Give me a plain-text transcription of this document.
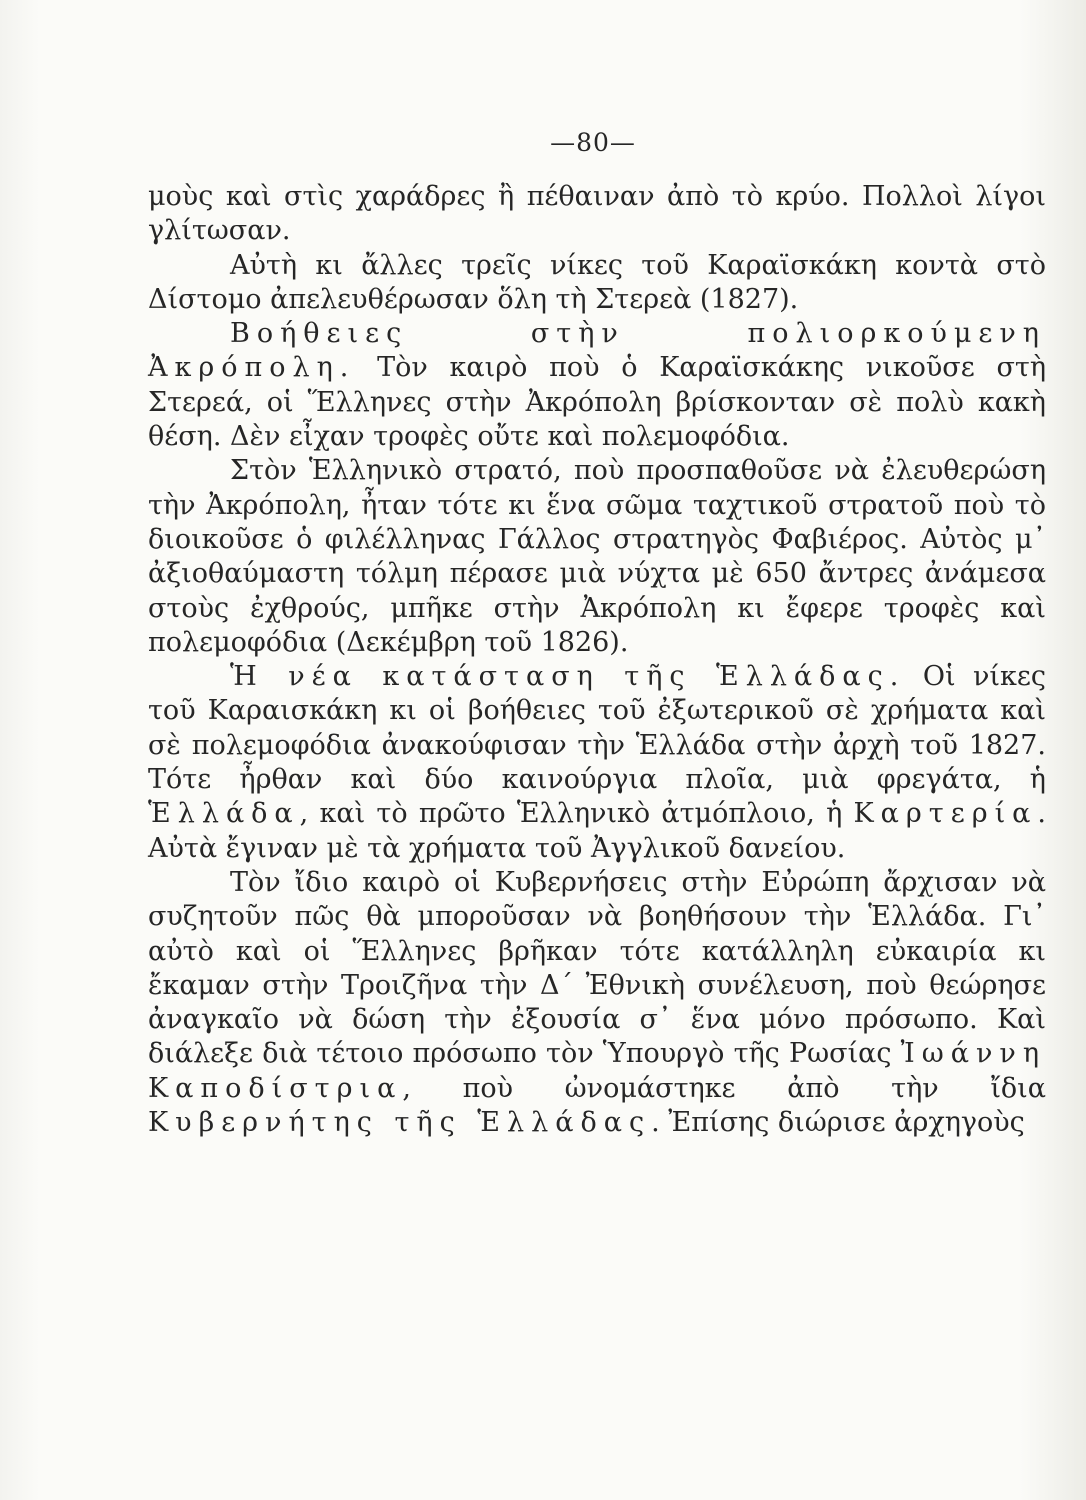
—80—

μοὺς καὶ στὶς χαράδρες ἢ πέθαιναν ἀπὸ τὸ κρύο. Πολλοὶ λίγοι γλίτωσαν.

Αὐτὴ κι ἄλλες τρεῖς νίκες τοῦ Καραϊσκάκη κοντὰ στὸ Δίστομο ἀπελευθέρωσαν ὅλη τὴ Στερεὰ (1827).

Βοήθειες στὴν πολιορκούμενη Ἀκρόπολη. Τὸν καιρὸ ποὺ ὁ Καραϊσκάκης νικοῦσε στὴ Στερεά, οἱ Ἕλληνες στὴν Ἀκρόπολη βρίσκονταν σὲ πολὺ κακὴ θέση. Δὲν εἶχαν τροφὲς οὔτε καὶ πολεμοφόδια.

Στὸν Ἑλληνικὸ στρατό, ποὺ προσπαθοῦσε νὰ ἐλευθερώση τὴν Ἀκρόπολη, ἦταν τότε κι ἕνα σῶμα ταχτικοῦ στρατοῦ ποὺ τὸ διοικοῦσε ὁ φιλέλληνας Γάλλος στρατηγὸς Φαβιέρος. Αὐτὸς μ᾽ ἀξιοθαύμαστη τόλμη πέρασε μιὰ νύχτα μὲ 650 ἄντρες ἀνάμεσα στοὺς ἐχθρούς, μπῆκε στὴν Ἀκρόπολη κι ἔφερε τροφὲς καὶ πολεμοφόδια (Δεκέμβρη τοῦ 1826).

Ἡ νέα κατάσταση τῆς Ἑλλάδας. Οἱ νίκες τοῦ Καραισκάκη κι οἱ βοήθειες τοῦ ἐξωτερικοῦ σὲ χρήματα καὶ σὲ πολεμοφόδια ἀνακούφισαν τὴν Ἑλλάδα στὴν ἀρχὴ τοῦ 1827. Τότε ἦρθαν καὶ δύο καινούργια πλοῖα, μιὰ φρεγάτα, ἡ Ἑλλάδα, καὶ τὸ πρῶτο Ἑλληνικὸ ἀτμόπλοιο, ἡ Καρτερία. Αὐτὰ ἔγιναν μὲ τὰ χρήματα τοῦ Ἀγγλικοῦ δανείου.

Τὸν ἴδιο καιρὸ οἱ Κυβερνήσεις στὴν Εὐρώπη ἄρχισαν νὰ συζητοῦν πῶς θὰ μποροῦσαν νὰ βοηθήσουν τὴν Ἑλλάδα. Γι᾽ αὐτὸ καὶ οἱ Ἕλληνες βρῆκαν τότε κατάλληλη εὐκαιρία κι ἔκαμαν στὴν Τροιζῆνα τὴν Δ΄ Ἐθνικὴ συνέλευση, ποὺ θεώρησε ἀναγκαῖο νὰ δώση τὴν ἐξουσία σ᾽ ἕνα μόνο πρόσωπο. Καὶ διάλεξε διὰ τέτοιο πρόσωπο τὸν Ὑπουργὸ τῆς Ρωσίας Ἰωάννη Καποδίστρια, ποὺ ὠνομάστηκε ἀπὸ τὴν ἴδια Κυβερνήτης τῆς Ἑλλάδας. Ἐπίσης διώρισε ἀρχηγοὺς
